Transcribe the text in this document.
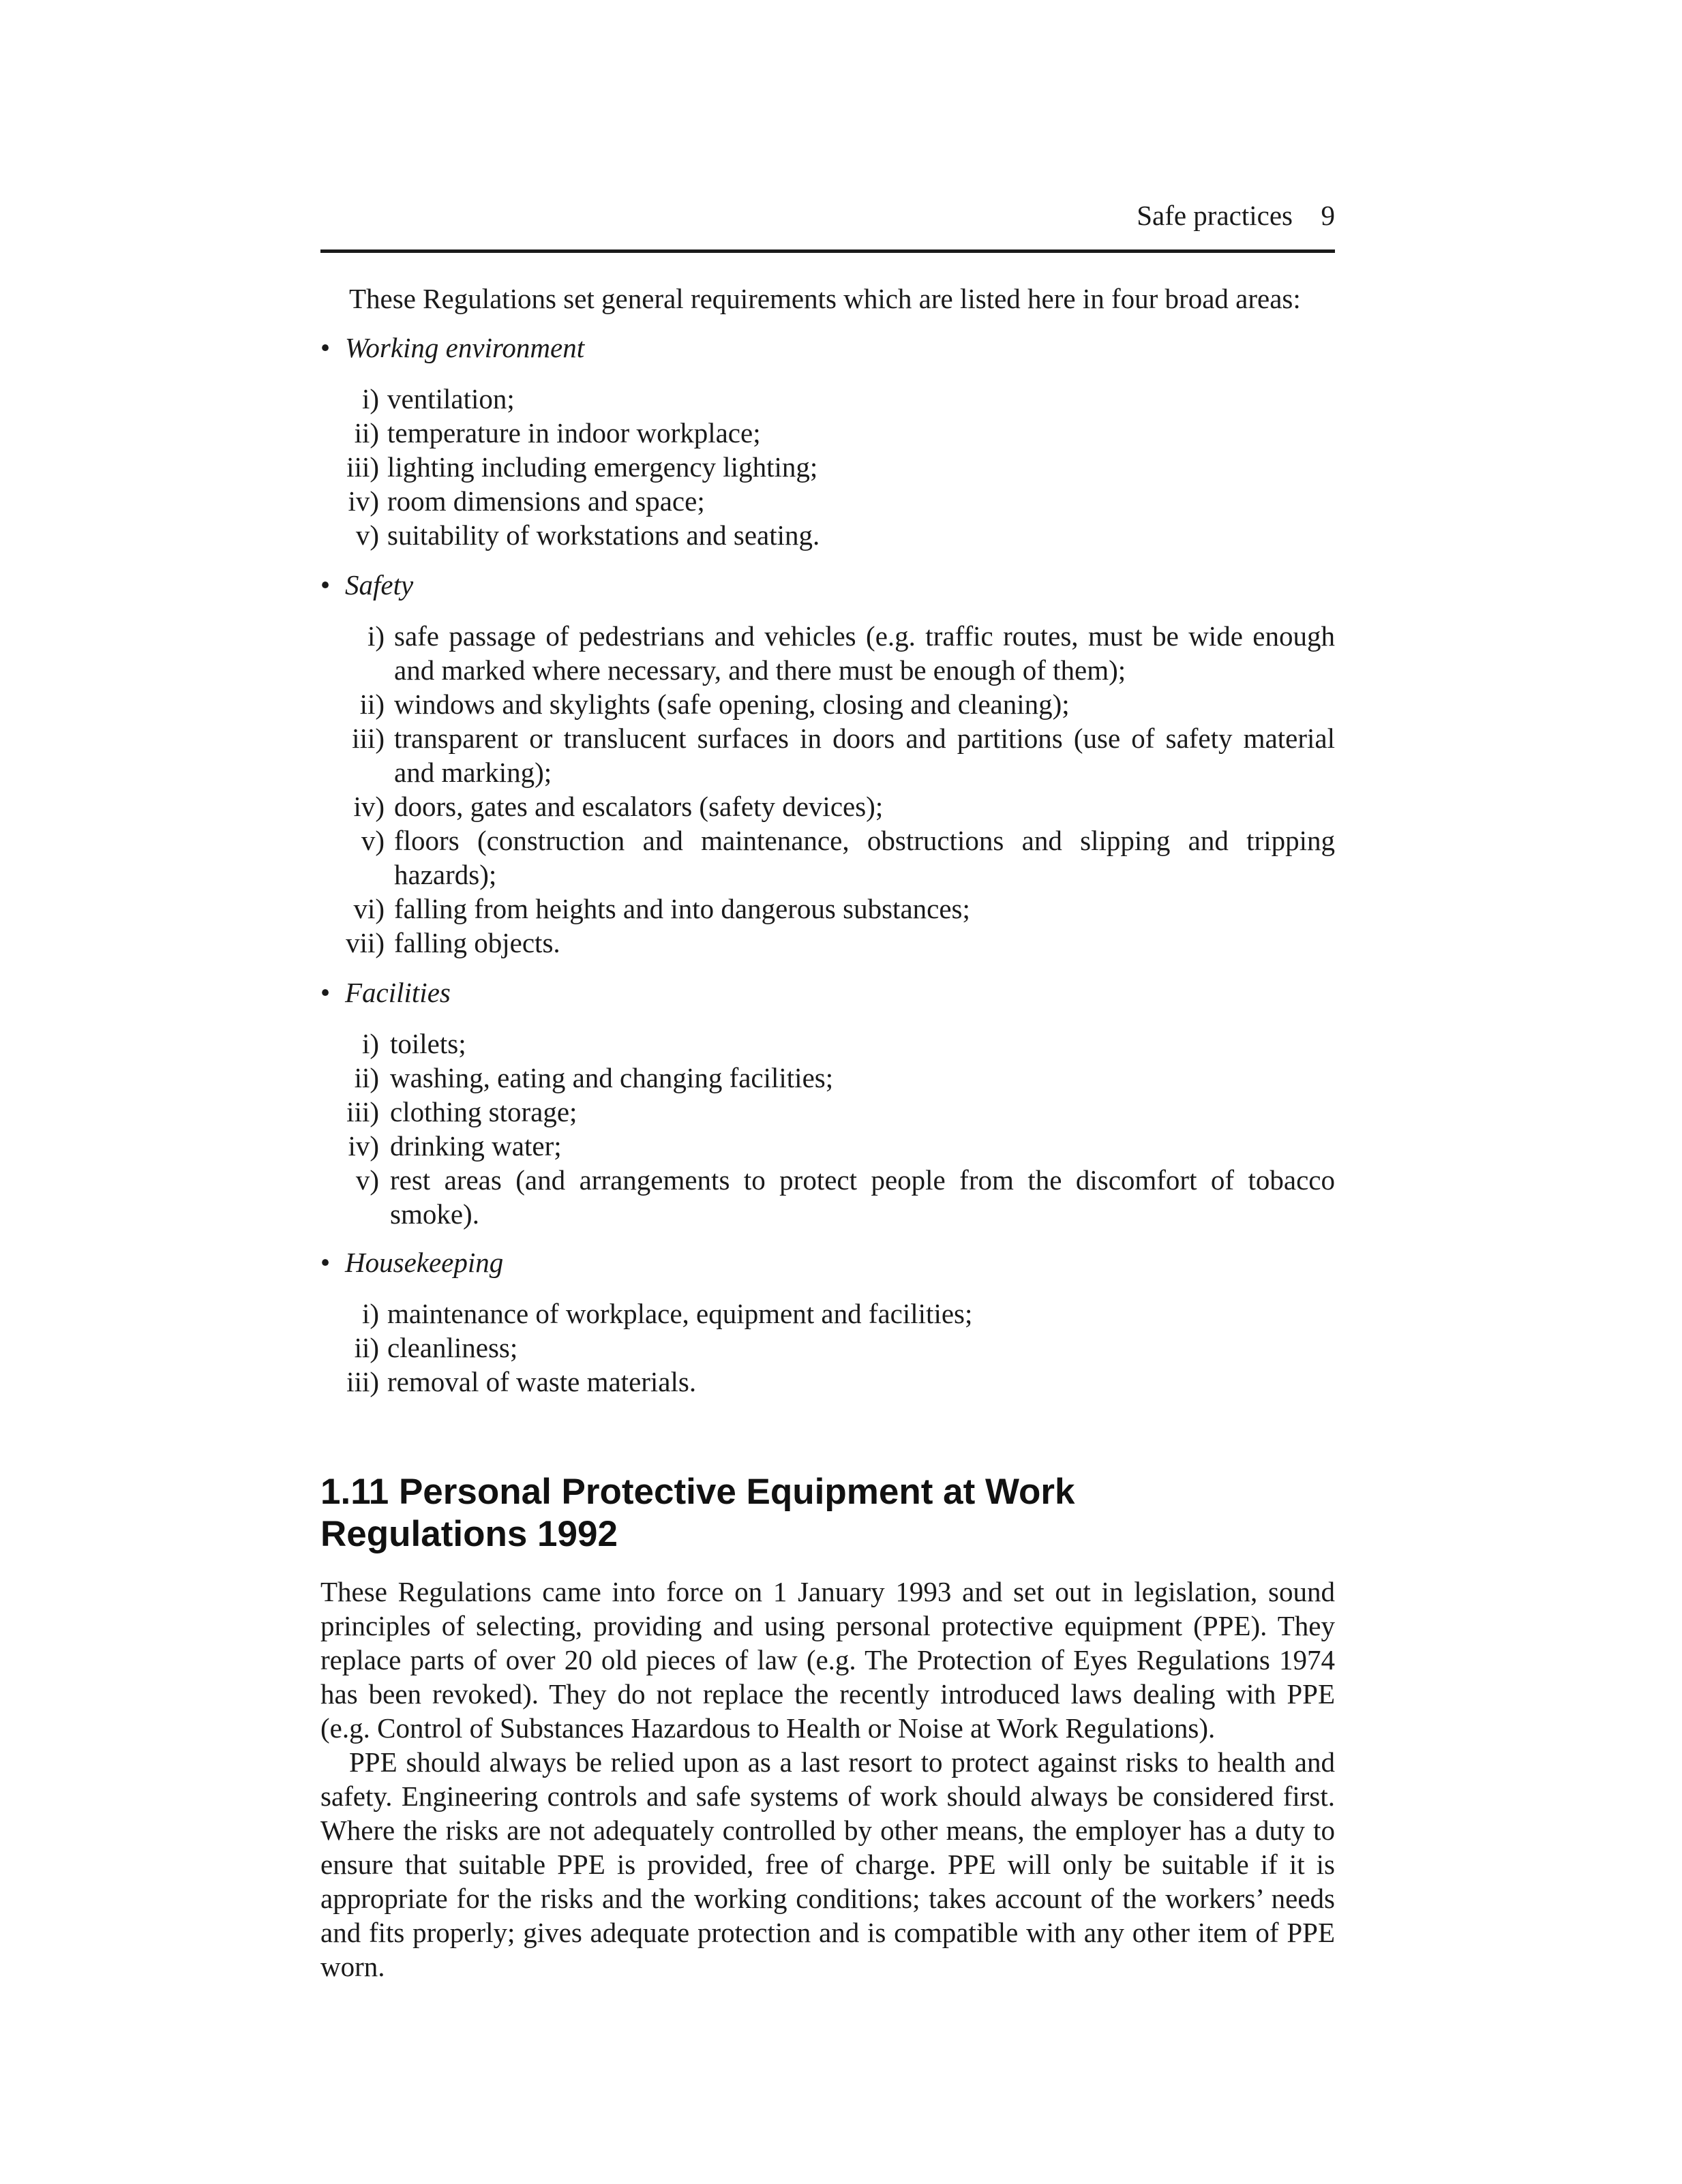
Safe practices 9

These Regulations set general requirements which are listed here in four broad areas:

• Working environment
i) ventilation;
ii) temperature in indoor workplace;
iii) lighting including emergency lighting;
iv) room dimensions and space;
v) suitability of workstations and seating.
• Safety
i) safe passage of pedestrians and vehicles (e.g. traffic routes, must be wide enough and marked where necessary, and there must be enough of them);
ii) windows and skylights (safe opening, closing and cleaning);
iii) transparent or translucent surfaces in doors and partitions (use of safety material and marking);
iv) doors, gates and escalators (safety devices);
v) floors (construction and maintenance, obstructions and slipping and tripping hazards);
vi) falling from heights and into dangerous substances;
vii) falling objects.
• Facilities
i) toilets;
ii) washing, eating and changing facilities;
iii) clothing storage;
iv) drinking water;
v) rest areas (and arrangements to protect people from the discomfort of tobacco smoke).
• Housekeeping
i) maintenance of workplace, equipment and facilities;
ii) cleanliness;
iii) removal of waste materials.
1.11 Personal Protective Equipment at Work Regulations 1992

These Regulations came into force on 1 January 1993 and set out in legislation, sound principles of selecting, providing and using personal protective equipment (PPE). They replace parts of over 20 old pieces of law (e.g. The Protection of Eyes Regulations 1974 has been revoked). They do not replace the recently introduced laws dealing with PPE (e.g. Control of Substances Hazardous to Health or Noise at Work Regulations).

PPE should always be relied upon as a last resort to protect against risks to health and safety. Engineering controls and safe systems of work should always be considered first. Where the risks are not adequately controlled by other means, the employer has a duty to ensure that suitable PPE is provided, free of charge. PPE will only be suitable if it is appropriate for the risks and the working conditions; takes account of the workers’ needs and fits properly; gives adequate protection and is compatible with any other item of PPE worn.
